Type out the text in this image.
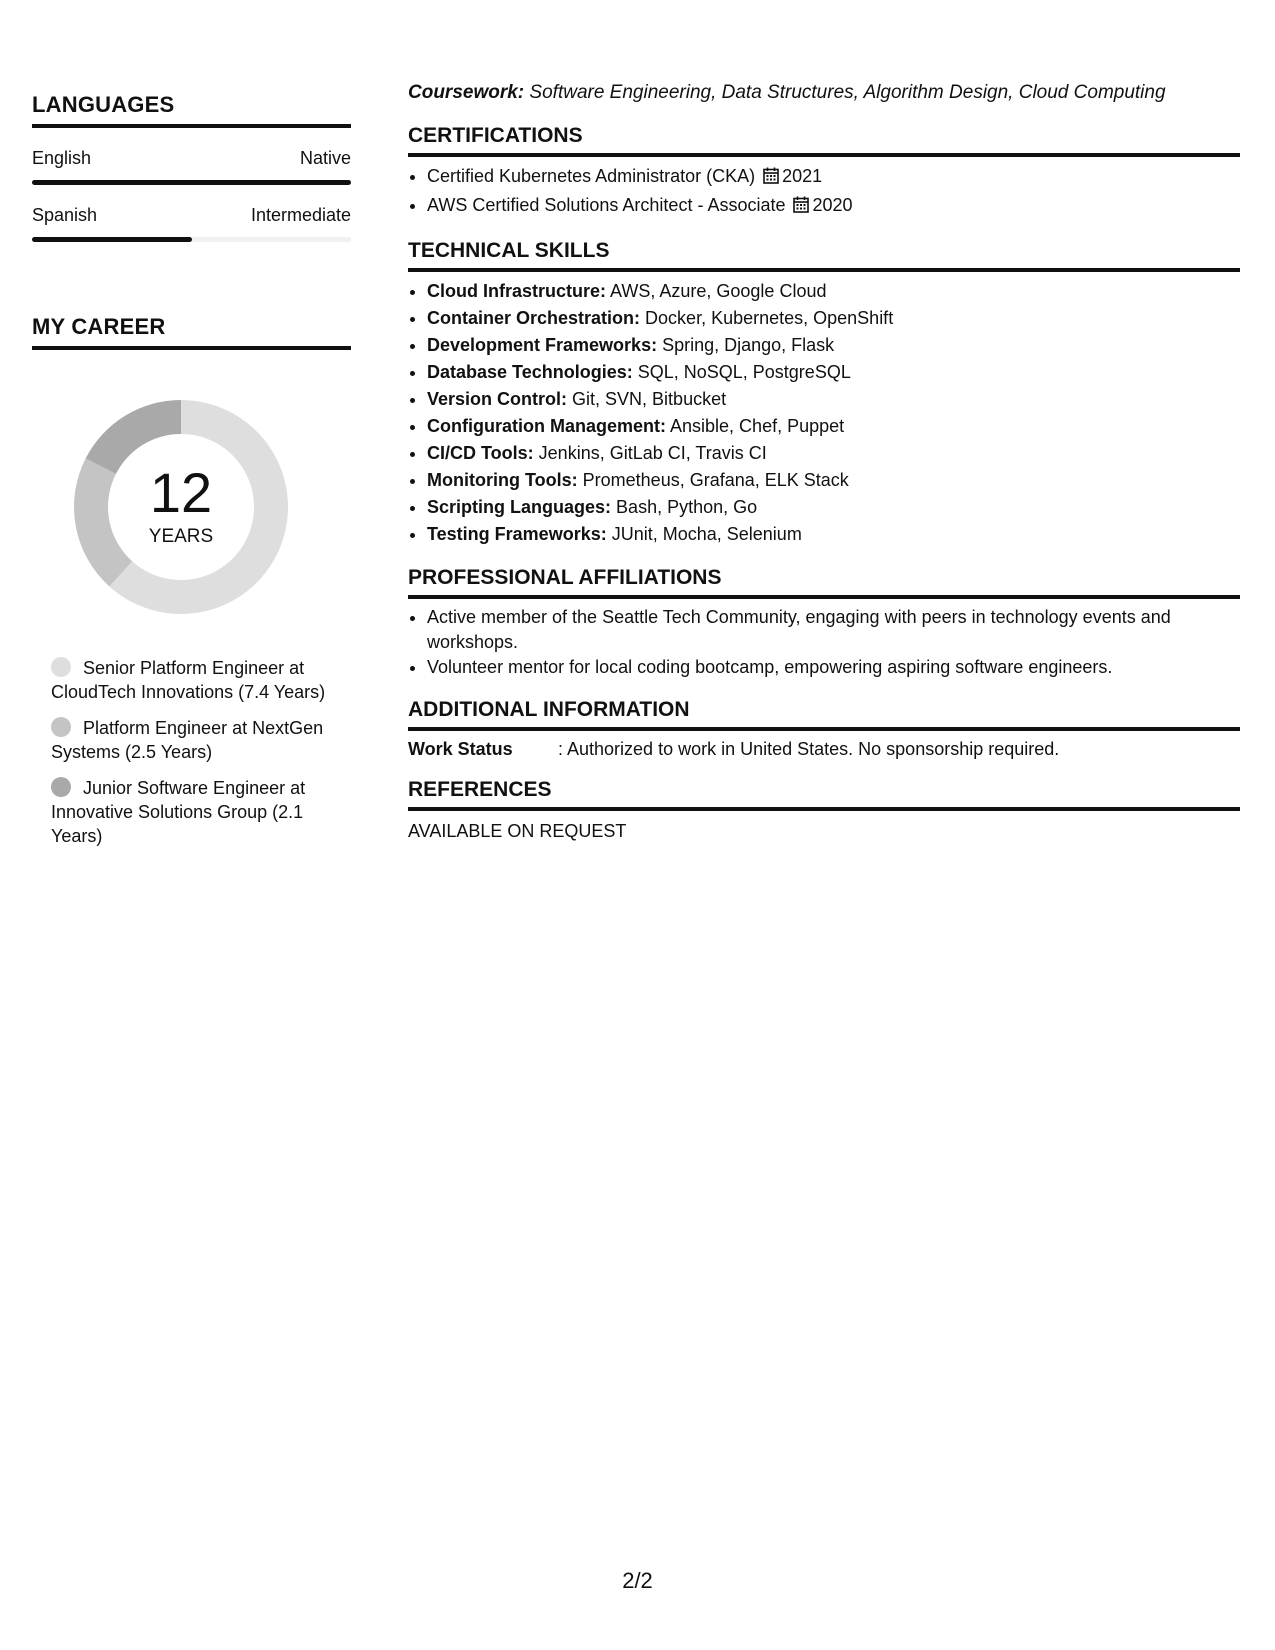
LANGUAGES
English	Native
Spanish	Intermediate
MY CAREER
12
YEARS
Senior Platform Engineer at CloudTech Innovations (7.4 Years)
Platform Engineer at NextGen Systems (2.5 Years)
Junior Software Engineer at Innovative Solutions Group (2.1 Years)
Coursework: Software Engineering, Data Structures, Algorithm Design, Cloud Computing
CERTIFICATIONS
• Certified Kubernetes Administrator (CKA) 2021
• AWS Certified Solutions Architect - Associate 2020
TECHNICAL SKILLS
• Cloud Infrastructure: AWS, Azure, Google Cloud
• Container Orchestration: Docker, Kubernetes, OpenShift
• Development Frameworks: Spring, Django, Flask
• Database Technologies: SQL, NoSQL, PostgreSQL
• Version Control: Git, SVN, Bitbucket
• Configuration Management: Ansible, Chef, Puppet
• CI/CD Tools: Jenkins, GitLab CI, Travis CI
• Monitoring Tools: Prometheus, Grafana, ELK Stack
• Scripting Languages: Bash, Python, Go
• Testing Frameworks: JUnit, Mocha, Selenium
PROFESSIONAL AFFILIATIONS
• Active member of the Seattle Tech Community, engaging with peers in technology events and workshops.
• Volunteer mentor for local coding bootcamp, empowering aspiring software engineers.
ADDITIONAL INFORMATION
Work Status	: Authorized to work in United States. No sponsorship required.
REFERENCES
AVAILABLE ON REQUEST
2/2
